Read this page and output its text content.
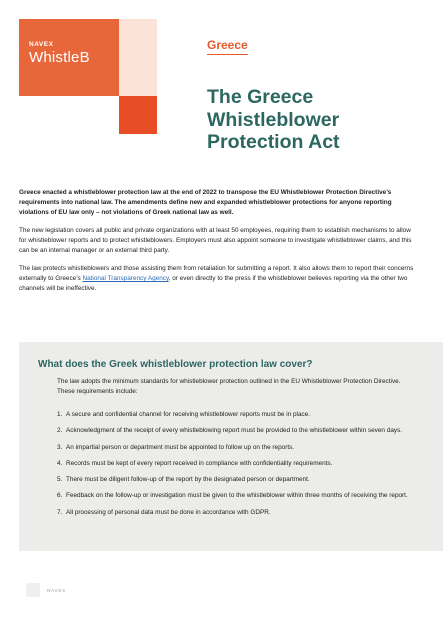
NAVEX
WhistleB
Greece
The Greece Whistleblower Protection Act

Greece enacted a whistleblower protection law at the end of 2022 to transpose the EU Whistleblower Protection Directive’s requirements into national law. The amendments define new and expanded whistleblower protections for anyone reporting violations of EU law only – not violations of Greek national law as well.

The new legislation covers all public and private organizations with at least 50 employees, requiring them to establish mechanisms to allow for whistleblower reports and to protect whistleblowers. Employers must also appoint someone to investigate whistleblower claims, and this can be an internal manager or an external third party.

The law protects whistleblowers and those assisting them from retaliation for submitting a report. It also allows them to report their concerns externally to Greece’s National Transparency Agency, or even directly to the press if the whistleblower believes reporting via the other two channels will be ineffective.

What does the Greek whistleblower protection law cover?
The law adopts the minimum standards for whistleblower protection outlined in the EU Whistleblower Protection Directive. These requirements include:
1. A secure and confidential channel for receiving whistleblower reports must be in place.
2. Acknowledgment of the receipt of every whistleblowing report must be provided to the whistleblower within seven days.
3. An impartial person or department must be appointed to follow up on the reports.
4. Records must be kept of every report received in compliance with confidentiality requirements.
5. There must be diligent follow-up of the report by the designated person or department.
6. Feedback on the follow-up or investigation must be given to the whistleblower within three months of receiving the report.
7. All processing of personal data must be done in accordance with GDPR.
NAVEX
